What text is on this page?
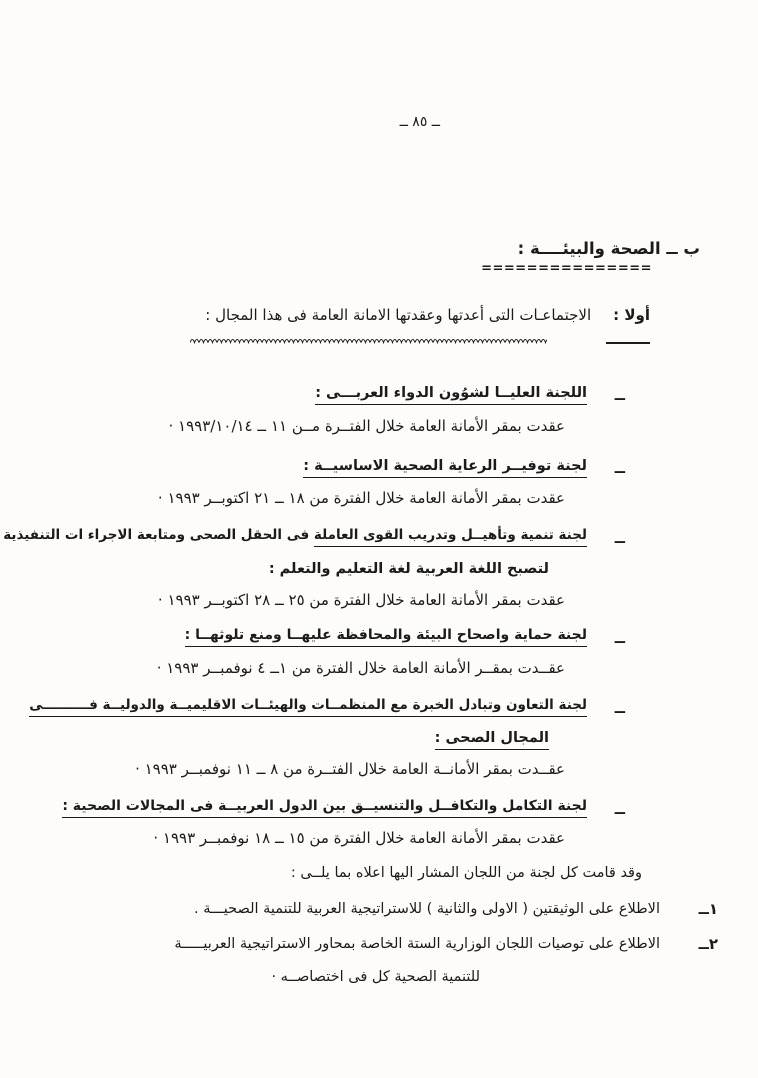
ــ ٨٥ ــ
ب ــ الصحة والبيئــــة :
===============
أولا :الاجتماعـات التى أعدتها وعقدتها الامانة العامة فى هذا المجال :
ــ
اللجنة العليــا لشوُون الدواء العربـــى :
عقدت بمقر الأمانة العامة خلال الفتــرة مــن ١١ ــ ١٩٩٣/١٠/١٤ ·
ــ
لجنة توفيــر الرعاية الصحية الاساسيــة :
عقدت بمقر الأمانة العامة خلال الفترة من ١٨ ــ ٢١ اكتوبــر ١٩٩٣ ·
ــ
لجنة تنمية وتأهيــل وتدريب القوى العاملة فى الحقل الصحى ومتابعة الاجراء ات التنفيذية
لتصبح اللغة العربية لغة التعليم والتعلم :
عقدت بمقر الأمانة العامة خلال الفترة من ٢٥ ــ ٢٨ اكتوبــر ١٩٩٣ ·
ــ
لجنة حماية واصحاح البيئة والمحافظة عليهــا ومنع تلوثهــا :
عقــدت بمقــر الأمانة العامة خلال الفترة من ١ــ ٤ نوفمبــر ١٩٩٣ ·
ــ
لجنة التعاون وتبادل الخبرة مع المنظمــات والهيئــات الاقليميــة والدوليــة فــــــــــى
المجال الصحى :
عقــدت بمقر الأمانــة العامة خلال الفتــرة من ٨ ــ ١١ نوفمبــر ١٩٩٣ ·
ــ
لجنة التكامل والتكافــل والتنسيــق بين الدول العربيــة فى المجالات الصحية :
عقدت بمقر الأمانة العامة خلال الفترة من ١٥ ــ ١٨ نوفمبــر ١٩٩٣ ·
وقد قامت كل لجنة من اللجان المشار اليها اعلاه بما يلــى :
١ــ
الاطلاع على الوثيقتين ( الاولى والثانية ) للاستراتيجية العربية للتنمية الصحيـــة .
٢ــ
الاطلاع على توصيات اللجان الوزارية الستة الخاصة بمحاور الاستراتيجية العربيـــــة
للتنمية الصحية كل فى اختصاصــه ·
